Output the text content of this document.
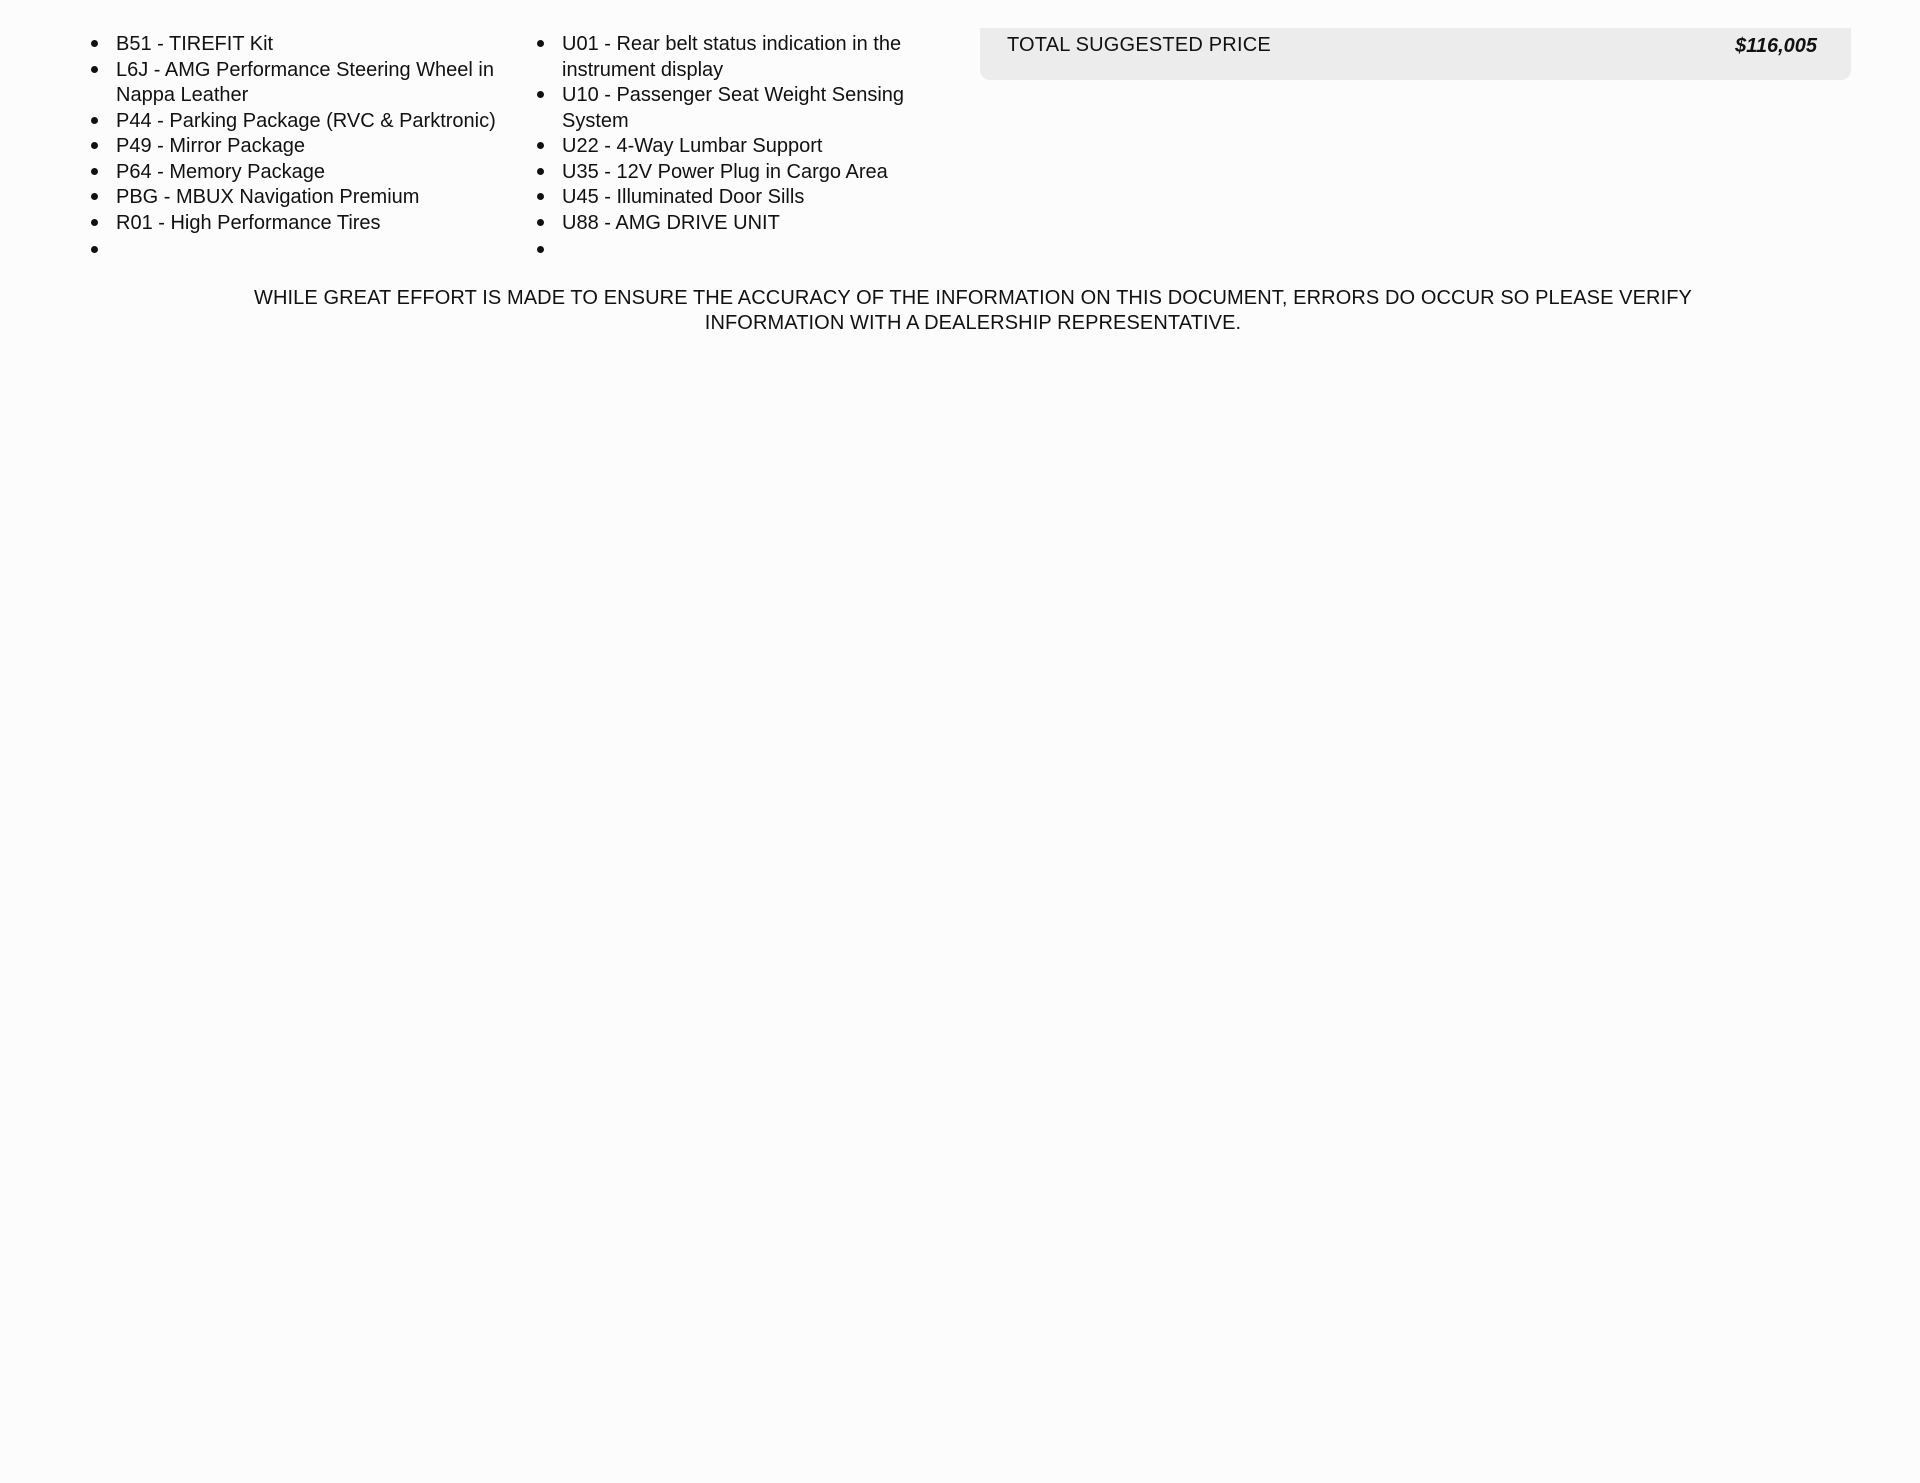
B51 - TIREFIT Kit
L6J - AMG Performance Steering Wheel in Nappa Leather
P44 - Parking Package (RVC & Parktronic)
P49 - Mirror Package
P64 - Memory Package
PBG - MBUX Navigation Premium
R01 - High Performance Tires
U01 - Rear belt status indication in the instrument display
U10 - Passenger Seat Weight Sensing System
U22 - 4-Way Lumbar Support
U35 - 12V Power Plug in Cargo Area
U45 - Illuminated Door Sills
U88 - AMG DRIVE UNIT
TOTAL SUGGESTED PRICE	$116,005
WHILE GREAT EFFORT IS MADE TO ENSURE THE ACCURACY OF THE INFORMATION ON THIS DOCUMENT, ERRORS DO OCCUR SO PLEASE VERIFY
INFORMATION WITH A DEALERSHIP REPRESENTATIVE.
